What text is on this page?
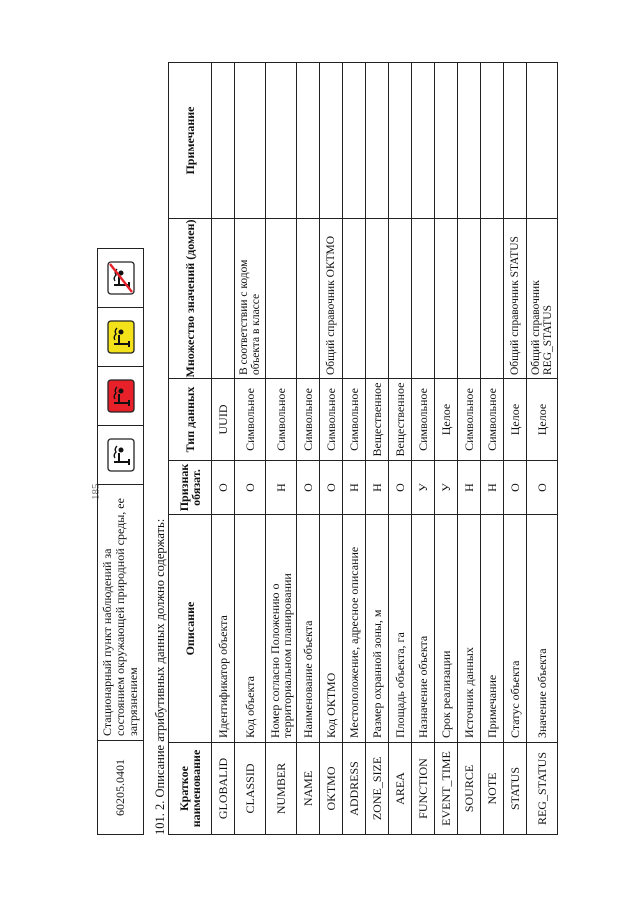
185
60205.0401	Стационарный пункт наблюдений за состоянием окружающей природной среды, ее загрязнением	

	101. 2. Описание атрибутивных данных должно содержать: Краткое наименование	Описание	Признак обязат.	Тип данных	Множество значений (домен)	Примечание
GLOBALID	Идентификатор объекта	О	UUID		
CLASSID	Код объекта	О	Символьное	В соответствии с кодом объекта в классе	
NUMBER	Номер согласно Положению о территориальном планировании	Н	Символьное		
NAME	Наименование объекта	О	Символьное		
OKTMO	Код ОКТМО	О	Символьное	Общий справочник ОКТМО	
ADDRESS	Местоположение, адресное описание	Н	Символьное		
ZONE_SIZE	Размер охранной зоны, м	Н	Вещественное		
AREA	Площадь объекта, га	О	Вещественное		
FUNCTION	Назначение объекта	У	Символьное		
EVENT_TIME	Срок реализации	У	Целое		
SOURCE	Источник данных	Н	Символьное		
NOTE	Примечание	Н	Символьное		
STATUS	Статус объекта	О	Целое	Общий справочник STATUS	
REG_STATUS	Значение объекта	О	Целое	Общий справочник REG_STATUS	
